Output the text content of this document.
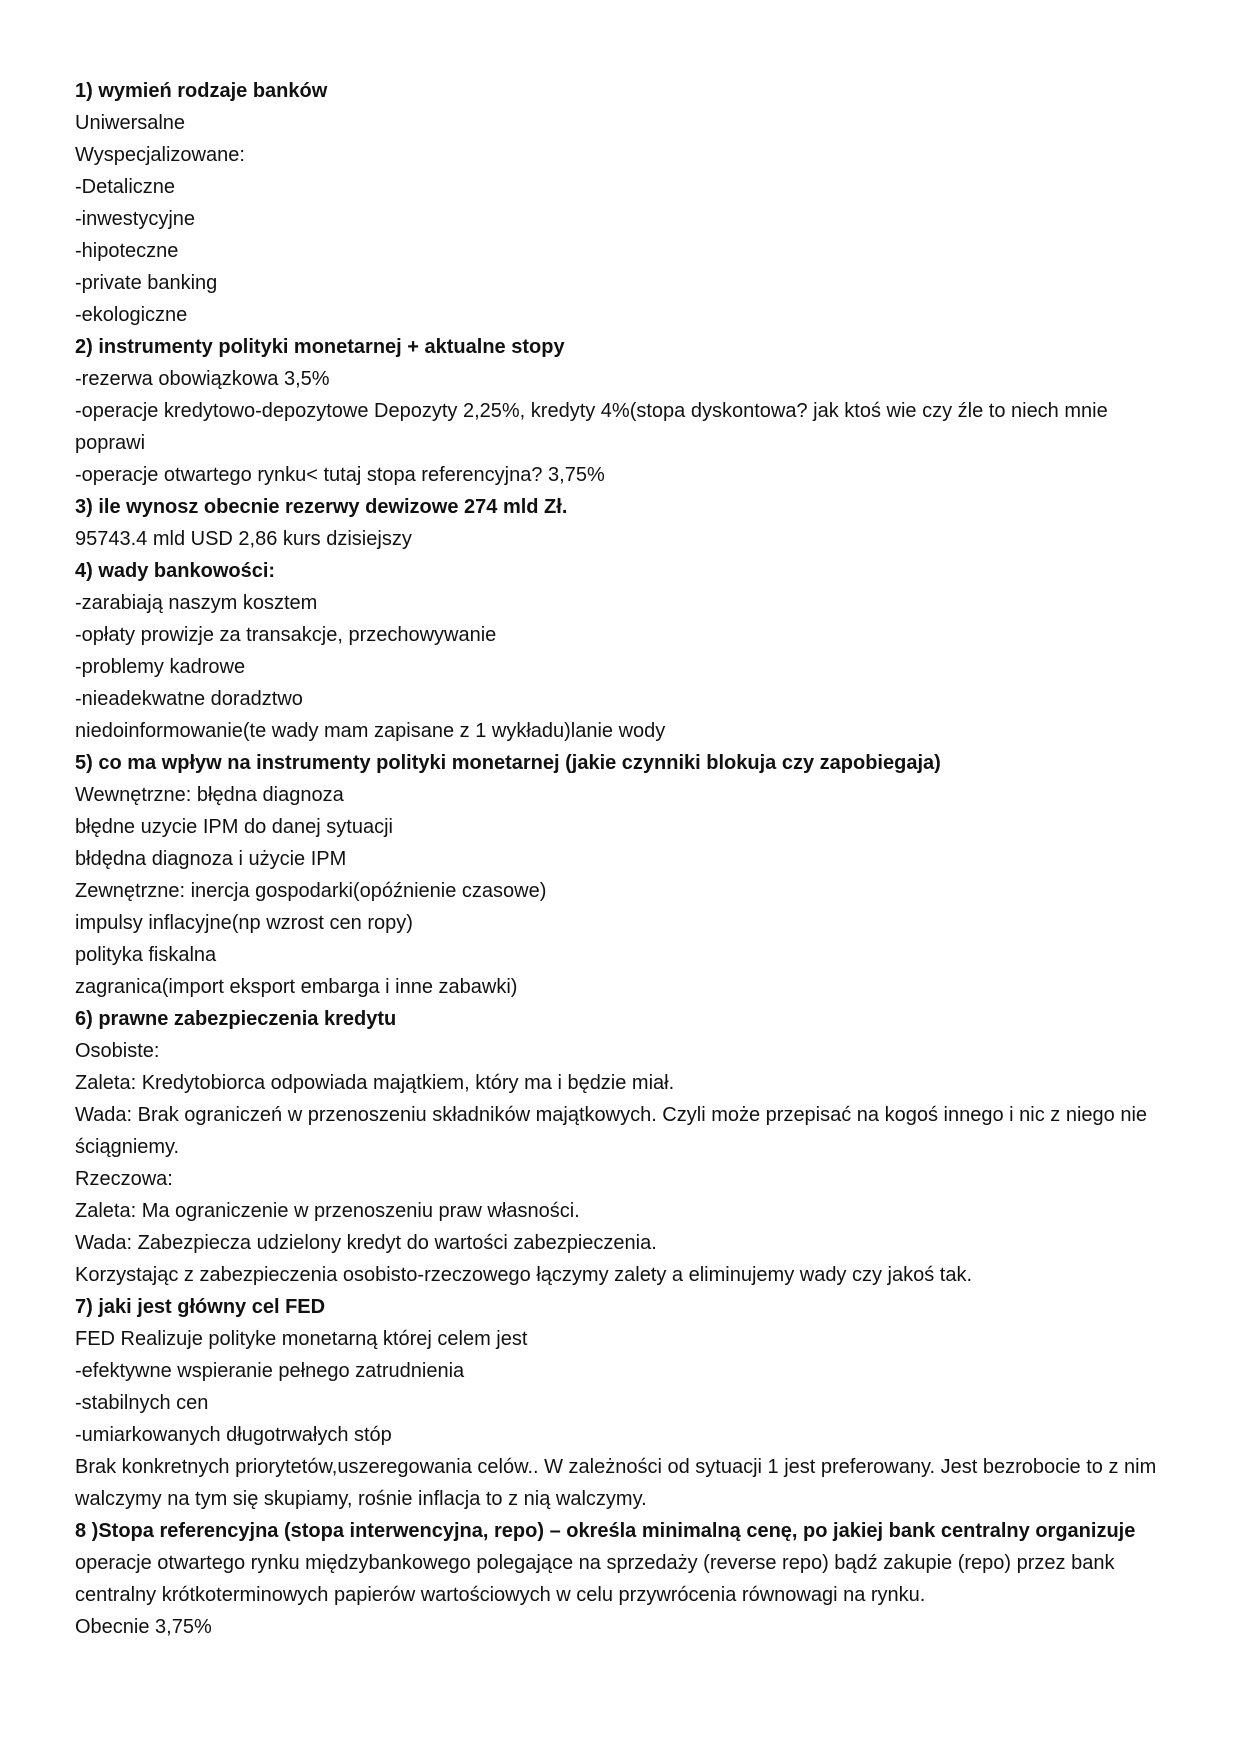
1) wymień rodzaje banków

Uniwersalne

Wyspecjalizowane:

-Detaliczne

-inwestycyjne

-hipoteczne

-private banking

-ekologiczne

2) instrumenty polityki monetarnej + aktualne stopy

-rezerwa obowiązkowa 3,5%

-operacje kredytowo-depozytowe Depozyty 2,25%, kredyty 4%(stopa dyskontowa? jak ktoś wie czy źle to niech mnie poprawi

-operacje otwartego rynku< tutaj stopa referencyjna? 3,75%

3) ile wynosz obecnie rezerwy dewizowe 274 mld Zł.

95743.4 mld USD 2,86 kurs dzisiejszy

4) wady bankowości:

-zarabiają naszym kosztem

-opłaty prowizje za transakcje, przechowywanie

-problemy kadrowe

-nieadekwatne doradztwo

niedoinformowanie(te wady mam zapisane z 1 wykładu)lanie wody

5) co ma wpływ na instrumenty polityki monetarnej (jakie czynniki blokuja czy zapobiegaja)

Wewnętrzne: błędna diagnoza

błędne uzycie IPM do danej sytuacji

błdędna diagnoza i użycie IPM

Zewnętrzne: inercja gospodarki(opóźnienie czasowe)

impulsy inflacyjne(np wzrost cen ropy)

polityka fiskalna

zagranica(import eksport embarga i inne zabawki)

6) prawne zabezpieczenia kredytu

Osobiste:

Zaleta: Kredytobiorca odpowiada majątkiem, który ma i będzie miał.

Wada: Brak ograniczeń w przenoszeniu składników majątkowych. Czyli może przepisać na kogoś innego i nic z niego nie ściągniemy.

Rzeczowa:

Zaleta: Ma ograniczenie w przenoszeniu praw własności.

Wada: Zabezpiecza udzielony kredyt do wartości zabezpieczenia.

Korzystając z zabezpieczenia osobisto-rzeczowego łączymy zalety a eliminujemy wady czy jakoś tak.

7) jaki jest główny cel FED

FED Realizuje polityke monetarną której celem jest

-efektywne wspieranie pełnego zatrudnienia

-stabilnych cen

-umiarkowanych długotrwałych stóp

Brak konkretnych priorytetów,uszeregowania celów.. W zależności od sytuacji 1 jest preferowany. Jest bezrobocie to z nim walczymy na tym się skupiamy, rośnie inflacja to z nią walczymy.

8 )Stopa referencyjna (stopa interwencyjna, repo) – określa minimalną cenę, po jakiej bank centralny organizuje

operacje otwartego rynku międzybankowego polegające na sprzedaży (reverse repo) bądź zakupie (repo) przez bank centralny krótkoterminowych papierów wartościowych w celu przywrócenia równowagi na rynku.

Obecnie 3,75%
